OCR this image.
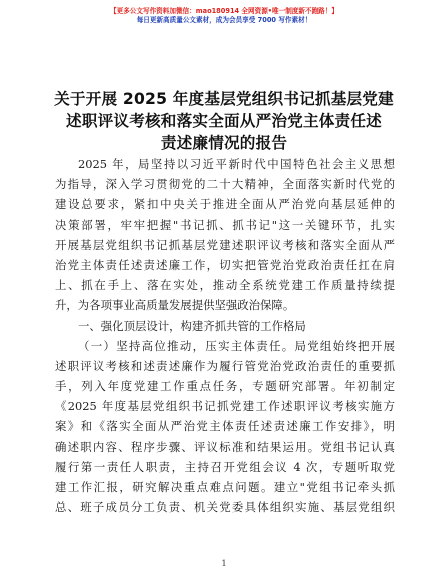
【更多公文写作资料加微信：mao180914 全网资源•唯一制度新不跑路！】
每日更新高质量公文素材，成为会员享受 7000 写作素材！
关于开展 2025 年度基层党组织书记抓基层党建
述职评议考核和落实全面从严治党主体责任述
责述廉情况的报告
2025 年，局坚持以习近平新时代中国特色社会主义思想
为指导，深入学习贯彻党的二十大精神，全面落实新时代党的
建设总要求，紧扣中央关于推进全面从严治党向基层延伸的
决策部署，牢牢把握"书记抓、抓书记"这一关键环节，扎实
开展基层党组织书记抓基层党建述职评议考核和落实全面从严
治党主体责任述责述廉工作，切实把管党治党政治责任扛在肩
上、抓在手上、落在实处，推动全系统党建工作质量持续提
升，为各项事业高质量发展提供坚强政治保障。
一、强化顶层设计，构建齐抓共管的工作格局
（一）坚持高位推动，压实主体责任。局党组始终把开展
述职评议考核和述责述廉作为履行管党治党政治责任的重要抓
手，列入年度党建工作重点任务，专题研究部署。年初制定
《2025 年度基层党组织书记抓党建工作述职评议考核实施方
案》和《落实全面从严治党主体责任述责述廉工作安排》，明
确述职内容、程序步骤、评议标准和结果运用。党组书记认真
履行第一责任人职责，主持召开党组会议 4 次，专题听取党
建工作汇报，研究解决重点难点问题。建立"党组书记牵头抓
总、班子成员分工负责、机关党委具体组织实施、基层党组织
1
